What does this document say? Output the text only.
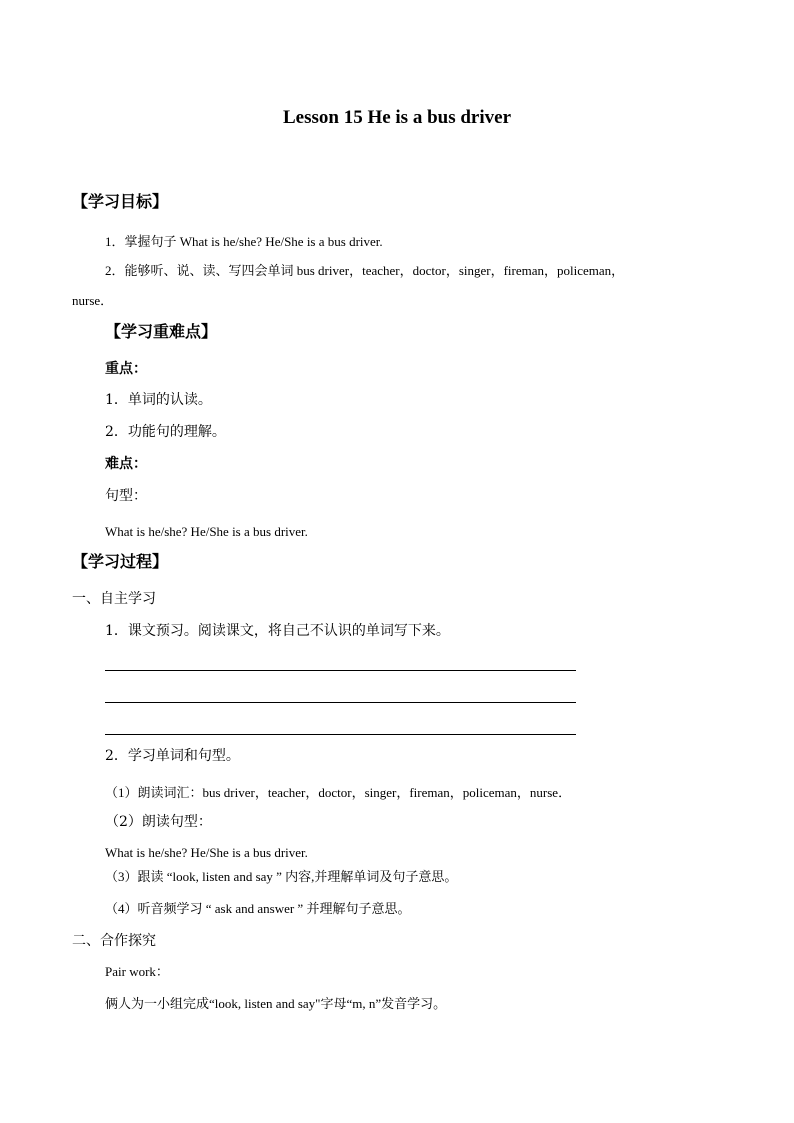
Lesson 15 He is a bus driver
【学习目标】
1．掌握句子 What is he/she? He/She is a bus driver.
2．能够听、说、读、写四会单词 bus driver，teacher，doctor，singer，fireman，policeman，
nurse．
【学习重难点】
重点：
1．单词的认读。
2．功能句的理解。
难点：
句型：
What is he/she? He/She is a bus driver.
【学习过程】
一、自主学习
1．课文预习。阅读课文，将自己不认识的单词写下来。
2．学习单词和句型。
（1）朗读词汇：bus driver，teacher，doctor，singer，fireman，policeman，nurse．
（2）朗读句型：
What is he/she? He/She is a bus driver.
（3）跟读 “look, listen and say ” 内容,并理解单词及句子意思。
（4）听音频学习 “ ask and answer ” 并理解句子意思。
二、合作探究
Pair work：
俩人为一小组完成“look, listen and say"字母“m, n”发音学习。
